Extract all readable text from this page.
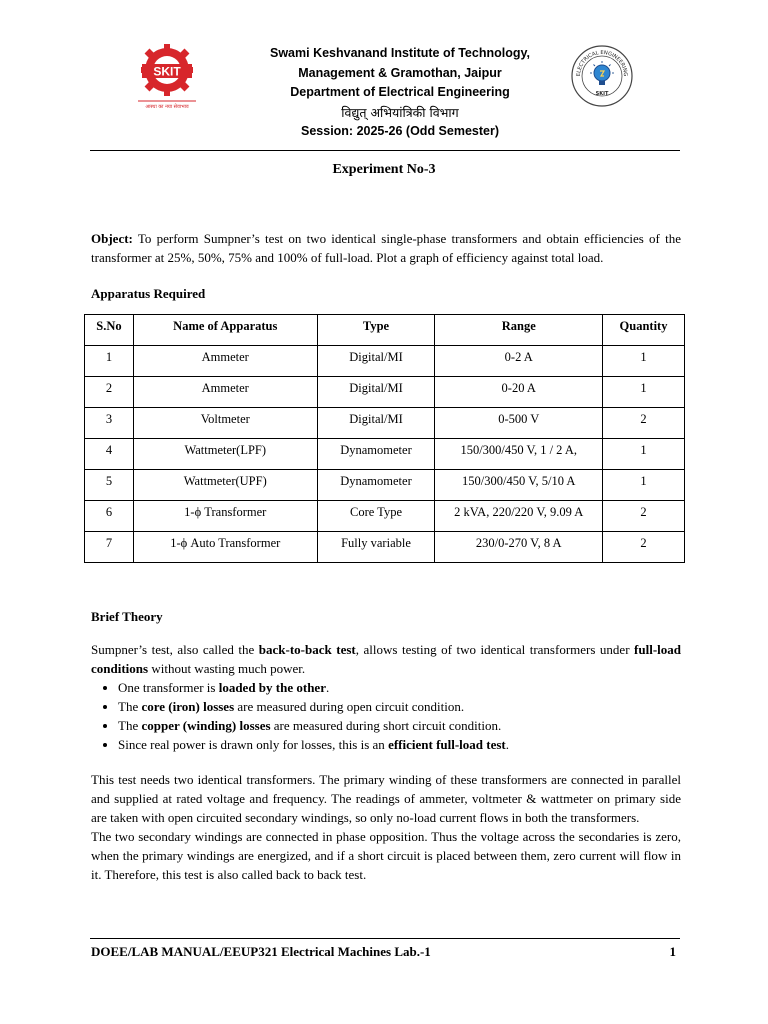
SKIT
आस्था का नया सेवाभाव
Swami Keshvanand Institute of Technology,
Management & Gramothan, Jaipur
Department of Electrical Engineering
विद्युत् अभियांत्रिकी विभाग
Session: 2025-26 (Odd Semester)
ELECTRICAL ENGINEERING
SKIT
Experiment No-3
Object: To perform Sumpner’s test on two identical single-phase transformers and obtain efficiencies of the transformer at 25%, 50%, 75% and 100% of full-load. Plot a graph of efficiency against total load.
Apparatus Required
S.No	Name of Apparatus	Type	Range	Quantity
1	Ammeter	Digital/MI	0-2 A	1
2	Ammeter	Digital/MI	0-20 A	1
3	Voltmeter	Digital/MI	0-500 V	2
4	Wattmeter(LPF)	Dynamometer	150/300/450 V, 1 / 2 A,	1
5	Wattmeter(UPF)	Dynamometer	150/300/450 V, 5/10 A	1
6	1-ϕ Transformer	Core Type	2 kVA, 220/220 V, 9.09 A	2
7	1-ϕ Auto Transformer	Fully variable	230/0-270 V, 8 A	2
Brief Theory

Sumpner’s test, also called the back-to-back test, allows testing of two identical transformers under full-load conditions without wasting much power.

• One transformer is loaded by the other.
• The core (iron) losses are measured during open circuit condition.
• The copper (winding) losses are measured during short circuit condition.
• Since real power is drawn only for losses, this is an efficient full-load test.

This test needs two identical transformers. The primary winding of these transformers are connected in parallel and supplied at rated voltage and frequency. The readings of ammeter, voltmeter & wattmeter on primary side are taken with open circuited secondary windings, so only no-load current flows in both the transformers.

The two secondary windings are connected in phase opposition. Thus the voltage across the secondaries is zero, when the primary windings are energized, and if a short circuit is placed between them, zero current will flow in it. Therefore, this test is also called back to back test.

DOEE/LAB MANUAL/EEUP321 Electrical Machines Lab.-1	1
